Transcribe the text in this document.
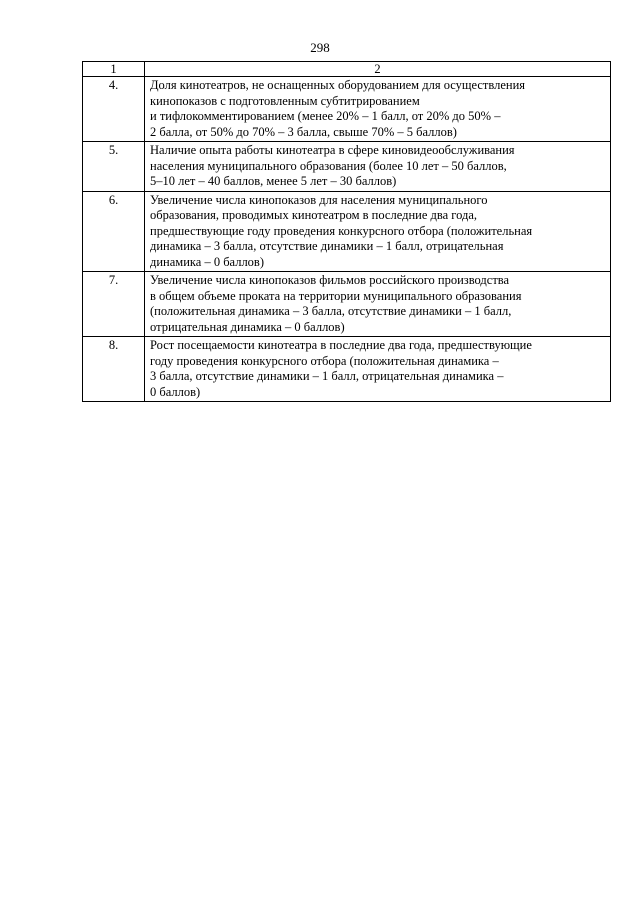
298
1	2
4.	Доля кинотеатров, не оснащенных оборудованием для осуществления
кинопоказов с подготовленным субтитрированием
и тифлокомментированием (менее 20% – 1 балл, от 20% до 50% –
2 балла, от 50% до 70% – 3 балла, свыше 70% – 5 баллов)

5.	Наличие опыта работы кинотеатра в сфере киновидеообслуживания
населения муниципального образования (более 10 лет – 50 баллов,
5–10 лет – 40 баллов, менее 5 лет – 30 баллов)

6.	Увеличение числа кинопоказов для населения муниципального
образования, проводимых кинотеатром в последние два года,
предшествующие году проведения конкурсного отбора (положительная
динамика – 3 балла, отсутствие динамики – 1 балл, отрицательная
динамика – 0 баллов)

7.	Увеличение числа кинопоказов фильмов российского производства
в общем объеме проката на территории муниципального образования
(положительная динамика – 3 балла, отсутствие динамики – 1 балл,
отрицательная динамика – 0 баллов)

8.	Рост посещаемости кинотеатра в последние два года, предшествующие
году проведения конкурсного отбора (положительная динамика –
3 балла, отсутствие динамики – 1 балл, отрицательная динамика –
0 баллов)
